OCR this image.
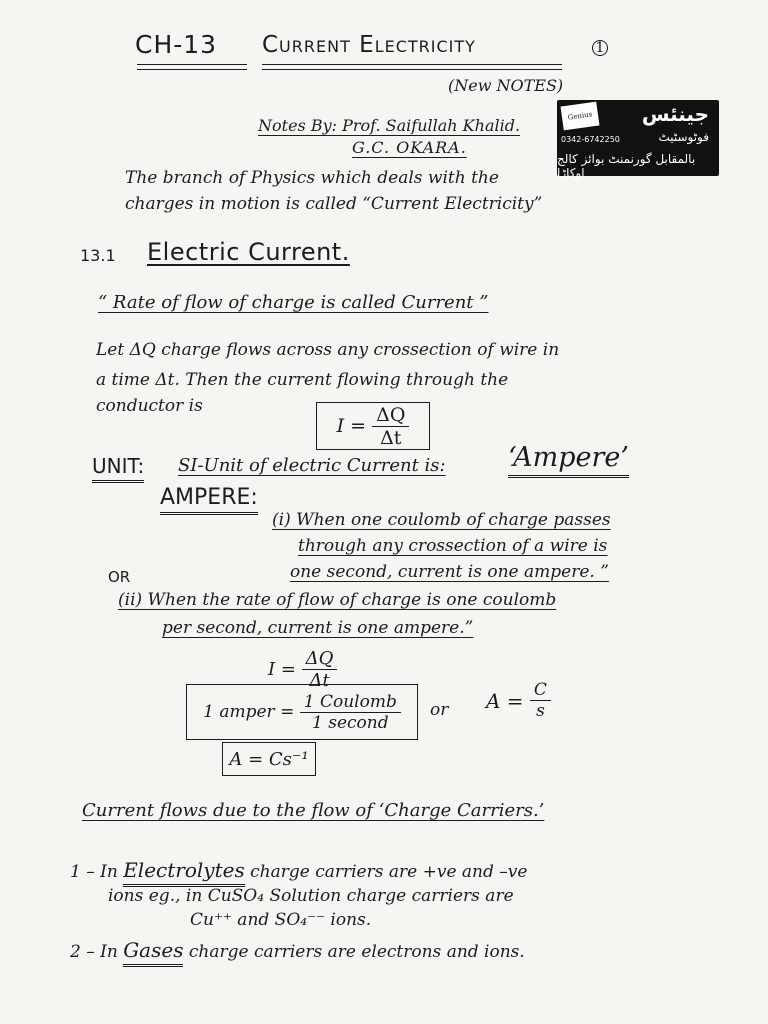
CH-13 Current Electricity	1
(New NOTES)
Notes By: Prof. Saifullah Khalid.
G.C. OKARA.
Genius	جینئس
0342-6742250	فوٹوسٹیٹ
بالمقابل گورنمنٹ بوائز کالج اوکاڑا
The branch of Physics which deals with the
charges in motion is called “Current Electricity”
13.1 Electric Current.
“ Rate of flow of charge is called Current ”
Let ΔQ charge flows across any crossection of wire in
a time Δt. Then the current flowing through the
conductor is
I =
$\frac{\Delta Q}{\Delta t}$
UNIT: SI-Unit of electric Current is: ‘Ampere’
AMPERE:
(i) When one coulomb of charge passes
through any crossection of a wire is
one second, current is one ampere. ”
OR
(ii) When the rate of flow of charge is one coulomb
per second, current is one ampere.”
I =
$\frac{\Delta Q}{\Delta t}$
1 amper =
$\frac{\text{1 Coulomb}}{\text{1 second}}$ or A =
$\frac{C}{s}$
A = Cs⁻¹
Current flows due to the flow of ‘Charge Carriers.’
1 – In Electrolytes charge carriers are +ve and –ve
ions eg., in CuSO₄ Solution charge carriers are
Cu⁺⁺ and SO₄⁻⁻ ions.
2 – In Gases charge carriers are electrons and ions.
